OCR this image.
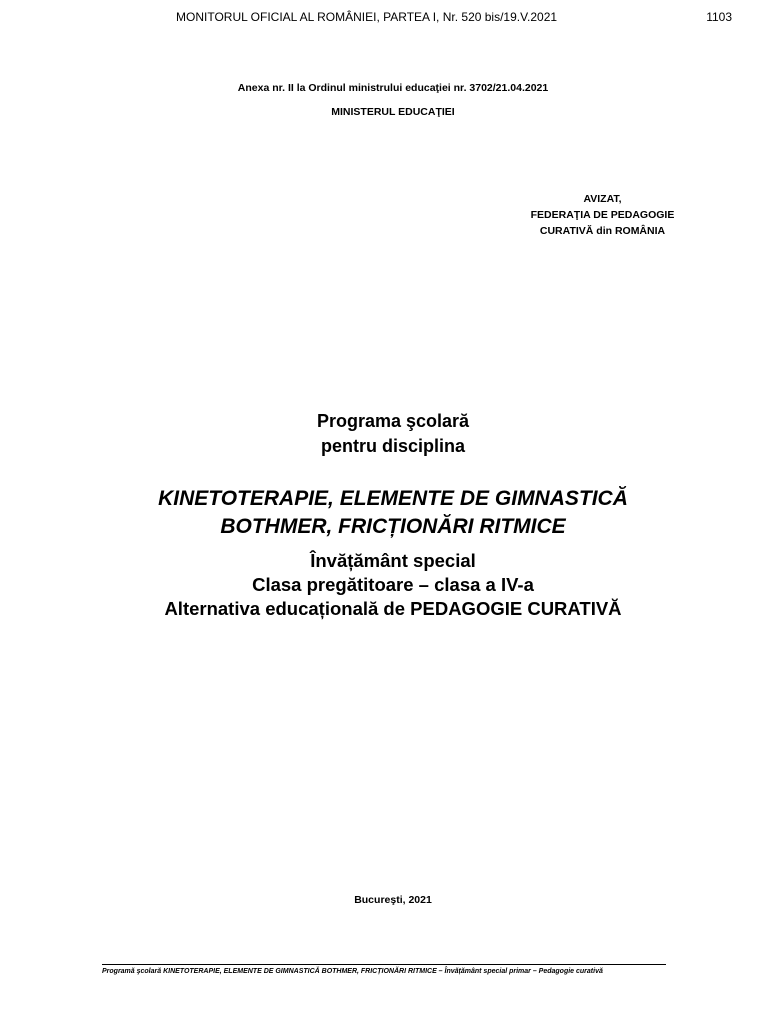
MONITORUL OFICIAL AL ROMÂNIEI, PARTEA I, Nr. 520 bis/19.V.2021	1103
Anexa nr. II la Ordinul ministrului educaţiei nr. 3702/21.04.2021
MINISTERUL EDUCAŢIEI
AVIZAT,
FEDERAŢIA DE PEDAGOGIE
CURATIVĂ din ROMÂNIA
Programa şcolară
pentru disciplina
KINETOTERAPIE, ELEMENTE DE GIMNASTICĂ
BOTHMER, FRICȚIONĂRI RITMICE
Învățământ special
Clasa pregătitoare – clasa a IV-a
Alternativa educațională de PEDAGOGIE CURATIVĂ
Bucureşti, 2021
Programă şcolară KINETOTERAPIE, ELEMENTE DE GIMNASTICĂ BOTHMER, FRICȚIONĂRI RITMICE – Învățământ special primar – Pedagogie curativă
